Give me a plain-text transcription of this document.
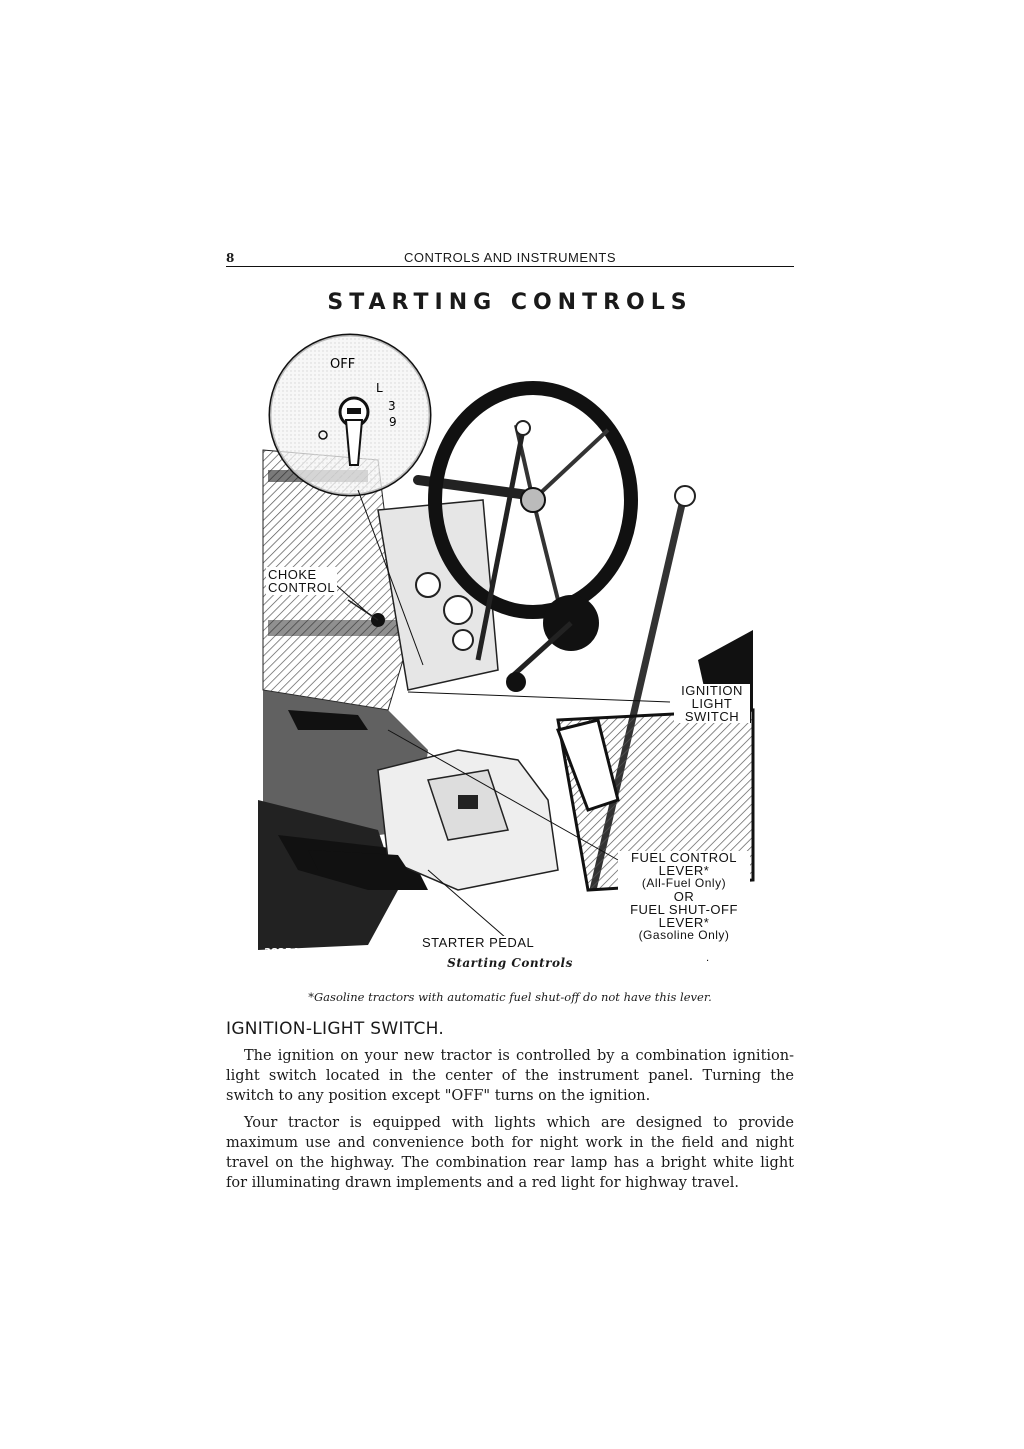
8	CONTROLS AND INSTRUMENTS
STARTING CONTROLS
OFF
L
3
9
.
38254
CHOKE
CONTROL
IGNITION
LIGHT
SWITCH
FUEL CONTROL
LEVER*
(All-Fuel Only)
OR
FUEL SHUT-OFF
LEVER*
(Gasoline Only)
STARTER PEDAL
Starting Controls
*Gasoline tractors with automatic fuel shut-off do not have this lever.
IGNITION-LIGHT SWITCH.

The ignition on your new tractor is controlled by a combination ignition-light switch located in the center of the instrument panel. Turning the switch to any position except "OFF" turns on the ignition.

Your tractor is equipped with lights which are designed to provide maximum use and convenience both for night work in the field and night travel on the highway. The combination rear lamp has a bright white light for illuminating drawn implements and a red light for highway travel.
